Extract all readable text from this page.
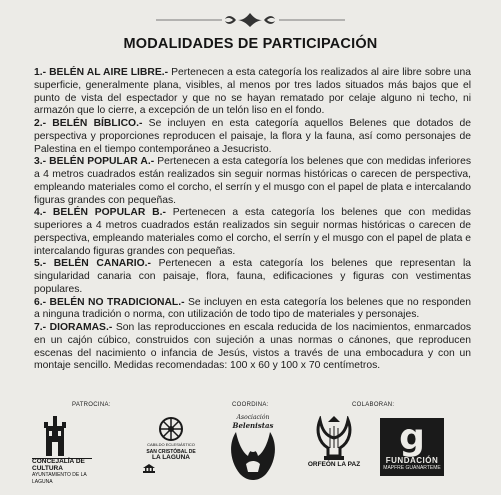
MODALIDADES DE PARTICIPACIÓN

1.- BELÉN AL AIRE LIBRE.- Pertenecen a esta categoría los realizados al aire libre sobre una superficie, generalmente plana, visibles, al menos por tres lados situados más bajos que el punto de vista del espectador y que no se hayan rematado por celaje alguno ni techo, ni armazón que lo cierre, a excepción de un telón liso en el fondo.

2.- BELÉN BÍBLICO.- Se incluyen en esta categoría aquellos Belenes que dotados de perspectiva y proporciones reproducen el paisaje, la flora y la fauna, así como personajes de Palestina en el tiempo contemporáneo a Jesucristo.

3.- BELÉN POPULAR A.- Pertenecen a esta categoría los belenes que con medidas inferiores a 4 metros cuadrados están realizados sin seguir normas históricas o carecen de perspectiva, empleando materiales como el corcho, el serrín y el musgo con el papel de plata e intercalando figuras grandes con pequeñas.

4.- BELÉN POPULAR B.- Pertenecen a esta categoría los belenes que con medidas superiores a 4 metros cuadrados están realizados sin seguir normas históricas o carecen de perspectiva, empleando materiales como el corcho, el serrín y el musgo con el papel de plata e intercalando figuras grandes con pequeñas.

5.- BELÉN CANARIO.- Pertenecen a esta categoría los belenes que representan la singularidad canaria con paisaje, flora, fauna, edificaciones y figuras con vestimentas populares.

6.- BELÉN NO TRADICIONAL.- Se incluyen en esta categoría los belenes que no responden a ninguna tradición o norma, con utilización de todo tipo de materiales y personajes.

7.- DIORAMAS.- Son las reproducciones en escala reducida de los nacimientos, enmarcados en un cajón cúbico, construidos con sujeción a unas normas o cánones, que reproducen escenas del nacimiento o infancia de Jesús, vistos a través de una embocadura y con un montaje sencillo. Medidas recomendadas: 100 x 60 y 100 x 70 centímetros.

PATROCINA:	COORDINA:	COLABORAN:
CONCEJALÍA DE CULTURA
AYUNTAMIENTO DE LA LAGUNA
CABILDO ECLESIÁSTICO
SAN CRISTÓBAL DE
LA LAGUNA
Asociación
Belenistas
ORFEÓN LA PAZ
g
FUNDACIÓN
MAPFRE GUANARTEME
